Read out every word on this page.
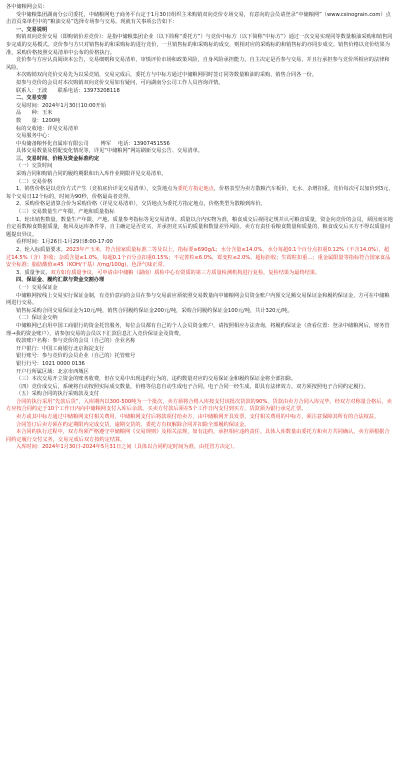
各中储粮网会员：

受中储粮集团湖南分公司委托，中储粮网电子商务平台定于1月30日组织主米购销双向竞价专场交易，有意向的会员请登录“中储粮网”（www.csinograin.com）点击首页菜单栏中的“粮油交易”选择专场参与交易。现就有关事项公告如下：

一、交易说明

购销双向竞价交易（即购销价差竞价）：是指中储粮集团企业（以下简称“委托方”）与竞价中标方（以下简称“中标方”）通过一次交易实现同等数量粮油采购和销售同步完成的交易模式。竞价参与方只对销售标的和采购标的进行竞价，一旦销售标的和采购标的成交，则相对应的采购标的和销售标的亦同步成交。销售价格以竞价结果为准，采购价格按照交易清单中公布的价格执行。

竞价参与方应认真阅读本公告，交易细则和交易清单，审慎评价市场和政策风险，自身风险承担能力，自主决定是否参与交易，并且行承担参与竞价所相应的法律和风险。

本次购销双向竞价交易先为以采竞销，交易完成后，委托方与中标方通过中储粮网同时签订同等数量粮油的采购、销售合同各一份。

拟参与竞价的会员对本次购销双向竞价交易如有疑问，可向湖南分公司工作人员咨询详情。

联系人：王波　　联系电话：13973208118

二、交易安排

交易时间：2024年1月30日10:00开始

品　　种：玉米

数　　量：1200吨

标的交收地：详见交易清单

交易服务中心：

中央储备粮怀化直属库有限公司　　 傅军　 电话：13907451556

具体交易数量及搭配变化情况等，详见“中储粮网”网站刷新交易公告、交易清单。

三、交易时间、价格及资金标准约定

（一）交货时间

采购合同和购销合同的履约期限和出入库作业期限详见交易清单。

（二）交易价格

1、销售价格是以竞价方式产生（竞拍底价详见交易清单），交货地点为委托方指定地点，价格表型为卖方散粮汽车板价，无水、杂增扣重。竞价每次可以加价到3元，每个交易日12个标的，时间为90秒，价格最高者竞得。

2、采购价格是清算合价为采购价格（详见交易清单），交货地点为委托方指定地点，价格类型为散粮到库价。

（三）交易数量生产年限、产地和质量指标

1、轮出销售数量。数量生产年限、产地、质量参考指标等见交易清单。质量以合内实物为准，粮食成交后视同定规并认可粮食质量，资金向竞价的会员，须因而实地自定看数粮食数据质量，拖风及运库条件等，自主确定是否竞买，并承担竞买后的质量和数量差异风险。卖方有责任看粮食数量和质量的，粮食成交后买方不得以质量问题提出异议。

看样时间：1月26日-1月29日8:00-17:00

2、轮入标质量要求。2023年产玉米，符合国家质量标准二等及以上，指标要≥690g/L；水分含量≤14.0%，水分每超0.1个百分点扣重0.12%（不含14.0%），超过14.5%（含）拒收；杂质含量≤1.0%，每超0.1个百分点扣重0.15%；不完善粒≤6.0%，霉变粒≤2.0%，超标拒收；生霉粒扣重…；重金属限量等指标符合国家食品安全标准；脂肪酸值≤45（KOH/干基）/(mg/100g)，色泽气味正常。

3、质量争议。双方如有质量争议，可申请由中储粮（湖南）质检中心有资质的第三方质量检测机构进行复检，复检结果为最终结果。

四、保证金、履约汇款与资金交割办理

（一）交易保证金

中储粮网按线上交易实行保证金制，有竞价意向的会员在参与交易前应须依照交易数量向中储粮网会员资金账户内预交足额交易保证金和履约保证金，方可在中储粮网进行交易。

销售标采购合同交易保证金为10元/吨，销售合同履约保证金200元/吨，采购合同履约保证金100元/吨，共计320元/吨。

（二）保证金交纳

中储粮网已启用中国工商银行的资金托管服务，每位会员都有自己的个人会员资金账户，请按照相应办法查询，将履约保证金（查看位置：登录中储粮网后，财务管理→我的资金账户），请参加交易的会员以下汇款信息汇入竞价保证金及资费。

收款账户名称：参与竞价的会员（自己的）企业名称

开户银行：中国工商银行北京海淀支行

银行账号：参与竞价的会员企业（自己的）托管账号

银行行号：1021 0000 0136

开户行所属区域：北京市西城区

（三）本次交易开立资金的账务收费，但在交易中出现违约行为的，违约数量对应的交易保证金和履约保证金将全部扣除。

（四）竞价成交后，系统将自动按照实际成交数量，价格等信息自动生成电子合同。电子合同一经生成，即具有法律效力。双方须按照电子合同约定履行。

（五）采购合同的执行采购款及支付

合同的执行采用“先款后货”，入库期内以300-500吨为一个批次，卖方须将合格入库按支付该批次货款的90%，货款由卖方合同入库完毕。经双方对称量合格后，卖方应按合同约定于10个工作日内向中储粮网支付入库后余款。买卖方付款后须在5个工作日内支付到买方，货款须为银行承兑汇票。

卖方或其中标方通过中储粮网支付相关费用，中储粮网支付后将款项付给卖方，由中储粮网开具发票，支付相关费用的中标方，须注意保障其所有的合法权益。

合同签订后卖方须在约定期限内完成交货，逾期交货的，委托方有权解除合同并扣除全部履约保证金。

本合同约执行过程中，双方均须严格遵守中储粮网《交易规则》及相关法规，如有违约，承担相应违约责任。具体入库数量由委托方和卖方共同确认，卖方须根据合同约定履行交付义务，交易完成后双方按约定结算。

入库时间：2024年1月30日-2024年5月31日之间（具体以合同约定时间为准，由托管方决定）。
